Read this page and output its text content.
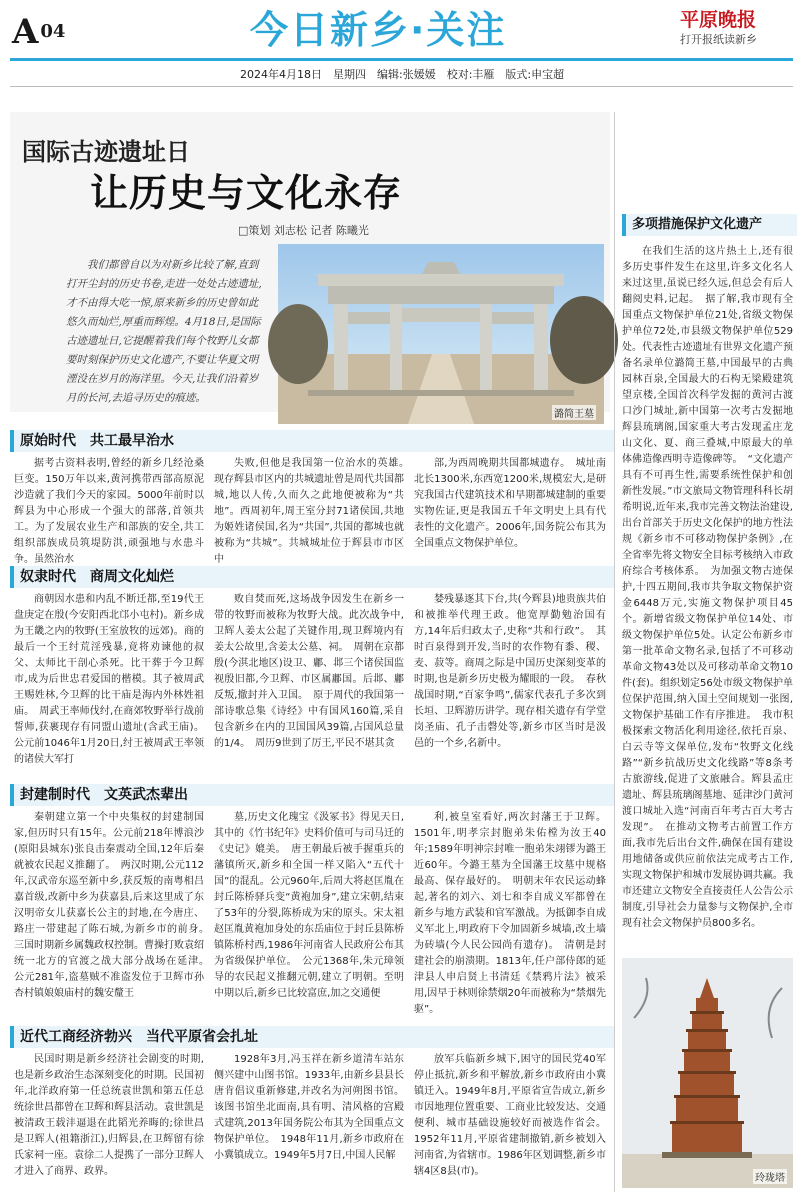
A $^{04}$	今日新乡·关注	平原晚报
打开报纸读新乡
2024年4月18日　星期四　编辑:张媛媛　校对:丰雁　版式:申宝超
国际古迹遗址日
让历史与文化永存
□策划 刘志松 记者 陈曦光
我们都曾自以为对新乡比较了解,直到打开尘封的历史书卷,走进一处处古迹遗址,才不由得大吃一惊,原来新乡的历史曾如此悠久而灿烂,厚重而辉煌。4月18日,是国际古迹遗址日,它提醒着我们每个牧野儿女都要时刻保护历史文化遗产,不要让华夏文明湮没在岁月的海洋里。今天,让我们沿着岁月的长河,去追寻历史的痕迹。
潞简王墓
原始时代　共工最早治水

据考古资料表明,曾经的新乡几经沧桑巨变。150万年以来,黄河携带西部高原泥沙造就了我们今天的家园。5000年前时以辉县为中心形成一个强大的部落,首领共工。为了发展农业生产和部族的安全,共工组织部族成员筑堤防洪,顽强地与水患斗争。虽然治水

失败,但他是我国第一位治水的英雄。　现存辉县市区内的共城遗址曾是周代共国都城,地以人传,久而久之此地便被称为“共地”。西周初年,周王室分封71诸侯国,共地为姬姓诸侯国,名为“共国”,共国的都城也就被称为“共城”。共城城址位于辉县市市区中

部,为西周晚期共国都城遗存。　城址南北长1300米,东西宽1200米,规模宏大,是研究我国古代建筑技术和早期都城建制的重要实物佐证,更是我国五千年文明史上具有代表性的文化遗产。2006年,国务院公布其为全国重点文物保护单位。

奴隶时代　商周文化灿烂

商朝因水患和内乱不断迁都,至19代王盘庚定在殷(今安阳西北邙小屯村)。新乡成为王畿之内的牧野(王室放牧的远郊)。商的最后一个王纣荒淫残暴,竟将劝谏他的叔父、太师比干剖心杀死。比干葬于今卫辉市,成为后世忠君爱国的楷模。其子被周武王赐姓林,今卫辉的比干庙是海内外林姓祖庙。　周武王率师伐纣,在商郊牧野举行战前誓师,获裹现存有同盟山遗址(含武王庙)。公元前1046年1月20日,纣王被周武王率领的诸侯大军打

败自焚而死,这场战争因发生在新乡一带的牧野而被称为牧野大战。此次战争中,卫辉人姜太公起了关键作用,现卫辉境内有姜太公故里,含姜太公墓、祠。　周朝在京都殷(今淇北地区)设卫、鄘、邶三个诸侯国监视殷旧都,今卫辉、市区属鄘国。后邶、鄘反叛,撤封并入卫国。　原于周代的我国第一部诗歌总集《诗经》中有国风160篇,采自包含新乡在内的卫国国风39篇,占国风总量的1/4。　周历9世到了厉王,平民不堪其贪

婪残暴逐其下台,共(今辉县)地贵族共伯和被推举代理王政。他宽厚勤勉治国有方,14年后归政太子,史称“共和行政”。　其时百泉得到开发,当时的农作物有黍、稷、麦、菽等。商周之际是中国历史深刻变革的时期,也是新乡历史极为耀眼的一段。　春秋战国时期,“百家争鸣”,儒家代表孔子多次到长垣、卫辉游历讲学。现存相关遗存有学堂岗圣庙、孔子击磬处等,新乡市区当时是汲邑的一个乡,名新中。

封建制时代　文英武杰辈出

秦朝建立第一个中央集权的封建制国家,但历时只有15年。公元前218年博浪沙(原阳县城东)张良击秦震动全国,12年后秦就被农民起义推翻了。　两汉时期,公元112年,汉武帝东巡至新中乡,获反叛的南粤相吕嘉首级,改新中乡为获嘉县,后来这里成了东汉明帝女儿获嘉长公主的封地,在今唐庄、路庄一带建起了陈石城,为新乡市的前身。　三国时期新乡属魏政权控制。曹操打败袁绍统一北方的官渡之战大部分战场在延津。　公元281年,盗墓贼不准盗发位于卫辉市孙杏村镇娘娘庙村的魏安釐王

墓,历史文化瑰宝《汲冢书》得见天日,其中的《竹书纪年》史料价值可与司马迁的《史记》媲美。　唐王朝最后被手握重兵的藩镇所灭,新乡和全国一样又陷入“五代十国”的混乱。公元960年,后周大将赵匡胤在封丘陈桥驿兵变“黄袍加身”,建立宋朝,结束了53年的分裂,陈桥成为宋的原头。宋太祖赵匡胤黄袍加身处的东岳庙位于封丘县陈桥镇陈桥村西,1986年河南省人民政府公布其为省级保护单位。　公元1368年,朱元璋领导的农民起义推翻元朝,建立了明朝。至明中期以后,新乡已比较富庶,加之交通便

利,被皇室看好,两次封藩王于卫辉。1501年,明孝宗封胞弟朱佑樘为汝王40年;1589年明神宗封唯一胞弟朱翊镠为潞王近60年。今潞王墓为全国藩王坟墓中规格最高、保存最好的。　明朝末年农民运动蜂起,著名的刘六、刘七和李自成义军都曾在新乡与地方武装和官军激战。为抵御李自成义军北上,明政府下令加固新乡城墙,改土墙为砖墙(今人民公园尚有遗存)。　清朝是封建社会的崩溃期。1813年,任户部侍郎的延津县人申启贤上书清廷《禁鸦片法》被采用,因早于林则徐禁烟20年而被称为“禁烟先驱”。

近代工商经济勃兴　当代平原省会扎址

民国时期是新乡经济社会剧变的时期,也是新乡政治生态深刻变化的时期。民国初年,北洋政府第一任总统袁世凯和第五任总统徐世昌都曾在卫辉和辉县活动。袁世凯是被清政王载沣逼退在此韬光养晦的;徐世昌是卫辉人(祖籍浙江),归辉县,在卫辉留有徐氏家祠一座。袁徐二人提携了一部分卫辉人才进入了商界、政界。

1928年3月,冯玉祥在新乡道清车站东侧兴建中山图书馆。1933年,由新乡县县长唐肯倡议重新修建,并改名为河朔图书馆。该图书馆坐北面南,具有明、清风格的宫殿式建筑,2013年国务院公布其为全国重点文物保护单位。　1948年11月,新乡市政府在小冀镇成立。1949年5月7日,中国人民解

放军兵临新乡城下,困守的国民党40军停止抵抗,新乡和平解放,新乡市政府由小冀镇迁入。1949年8月,平原省宣告成立,新乡市因地理位置重要、工商业比较发达、交通便利、城市基础设施较好而被选作省会。1952年11月,平原省建制撤销,新乡被划入河南省,为省辖市。1986年区划调整,新乡市辖4区8县(市)。

多项措施保护文化遗产

在我们生活的这片热土上,还有很多历史事件发生在这里,许多文化名人来过这里,虽说已经久远,但总会有后人翻阅史料,记起。　据了解,我市现有全国重点文物保护单位21处,省级文物保护单位72处,市县级文物保护单位529处。代表性古迹遗址有世界文化遗产预备名录单位潞简王墓,中国最早的古典园林百泉,全国最大的石构无梁殿建筑望京楼,全国首次科学发掘的黄河古渡口沙门城址,新中国第一次考古发掘地辉县琉璃阁,国家重大考古发现孟庄龙山文化、夏、商三叠城,中原最大的单体佛造像西明寺造像碑等。　“文化遗产具有不可再生性,需要系统性保护和创新性发展。”市文旅局文物管理科科长胡希明说,近年来,我市完善文物法治建设,出台首部关于历史文化保护的地方性法规《新乡市不可移动物保护条例》,在全省率先将文物安全目标考核纳入市政府综合考核体系。　为加强文物古迹保护,十四五期间,我市共争取文物保护资金6448万元,实施文物保护项目45个。新增省级文物保护单位14处、市级文物保护单位5处。认定公布新乡市第一批革命文物名录,包括了不可移动革命文物43处以及可移动革命文物10件(套)。组织划定56处市级文物保护单位保护范围,纳入国土空间规划一张图,文物保护基础工作有序推进。　我市积极探索文物活化利用途径,依托百泉、白云寺等文保单位,发布“牧野文化线路”“新乡抗战历史文化线路”等8条考古旅游线,促进了文旅融合。辉县孟庄遗址、辉县琉璃阁墓地、延津沙门黄河渡口城址入选“河南百年考古百大考古发现”。　在推动文物考古前置工作方面,我市先后出台文件,确保在国有建设用地储备或供应前依法完成考古工作,实现文物保护和城市发展协调共赢。我市还建立文物安全直接责任人公告公示制度,引导社会力量参与文物保护,全市现有社会文物保护员800多名。

玲珑塔
